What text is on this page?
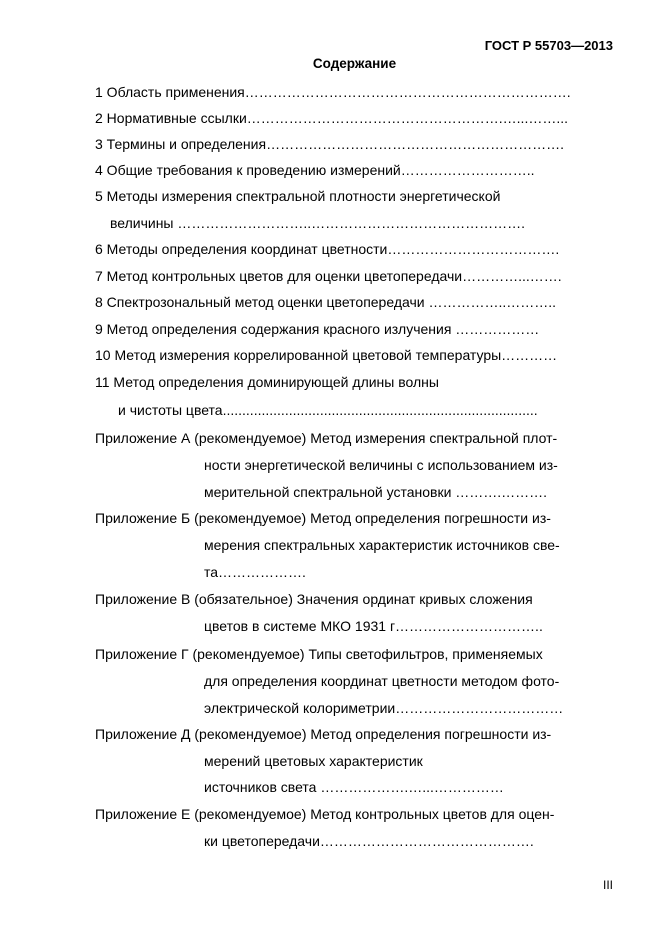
ГОСТ Р 55703—2013
Содержание
1 Область применения…………………………………………………………….
2 Нормативные ссылки……………………………………………….…...……...
3 Термины и определения……………………………………………………….
4 Общие требования к проведению измерений………………………..
5 Методы измерения спектральной плотности энергетической
величины ………………………..……………………………………….
6 Методы определения координат цветности……………………………….
7 Метод контрольных цветов для оценки цветопередачи…………...…….
8 Спектрозональный метод оценки цветопередачи ……………..………..
9 Метод определения содержания красного излучения ………………
10 Метод измерения коррелированной цветовой температуры…………
11 Метод определения доминирующей длины волны
и чистоты цвета.................................................................................
Приложение А (рекомендуемое) Метод измерения спектральной плот-
ности энергетической величины с использованием из-
мерительной спектральной установки ……….……….
Приложение Б (рекомендуемое) Метод определения погрешности из-
мерения спектральных характеристик источников све-
та……………….
Приложение В (обязательное) Значения ординат кривых сложения
цветов в системе МКО 1931 г…………………………..
Приложение Г (рекомендуемое) Типы светофильтров, применяемых
для определения координат цветности методом фото-
электрической колориметрии………………………………
Приложение Д (рекомендуемое) Метод определения погрешности из-
мерений цветовых характеристик
источников света ……………….…...……………
Приложение Е (рекомендуемое) Метод контрольных цветов для оцен-
ки цветопередачи……………………………………….
III
